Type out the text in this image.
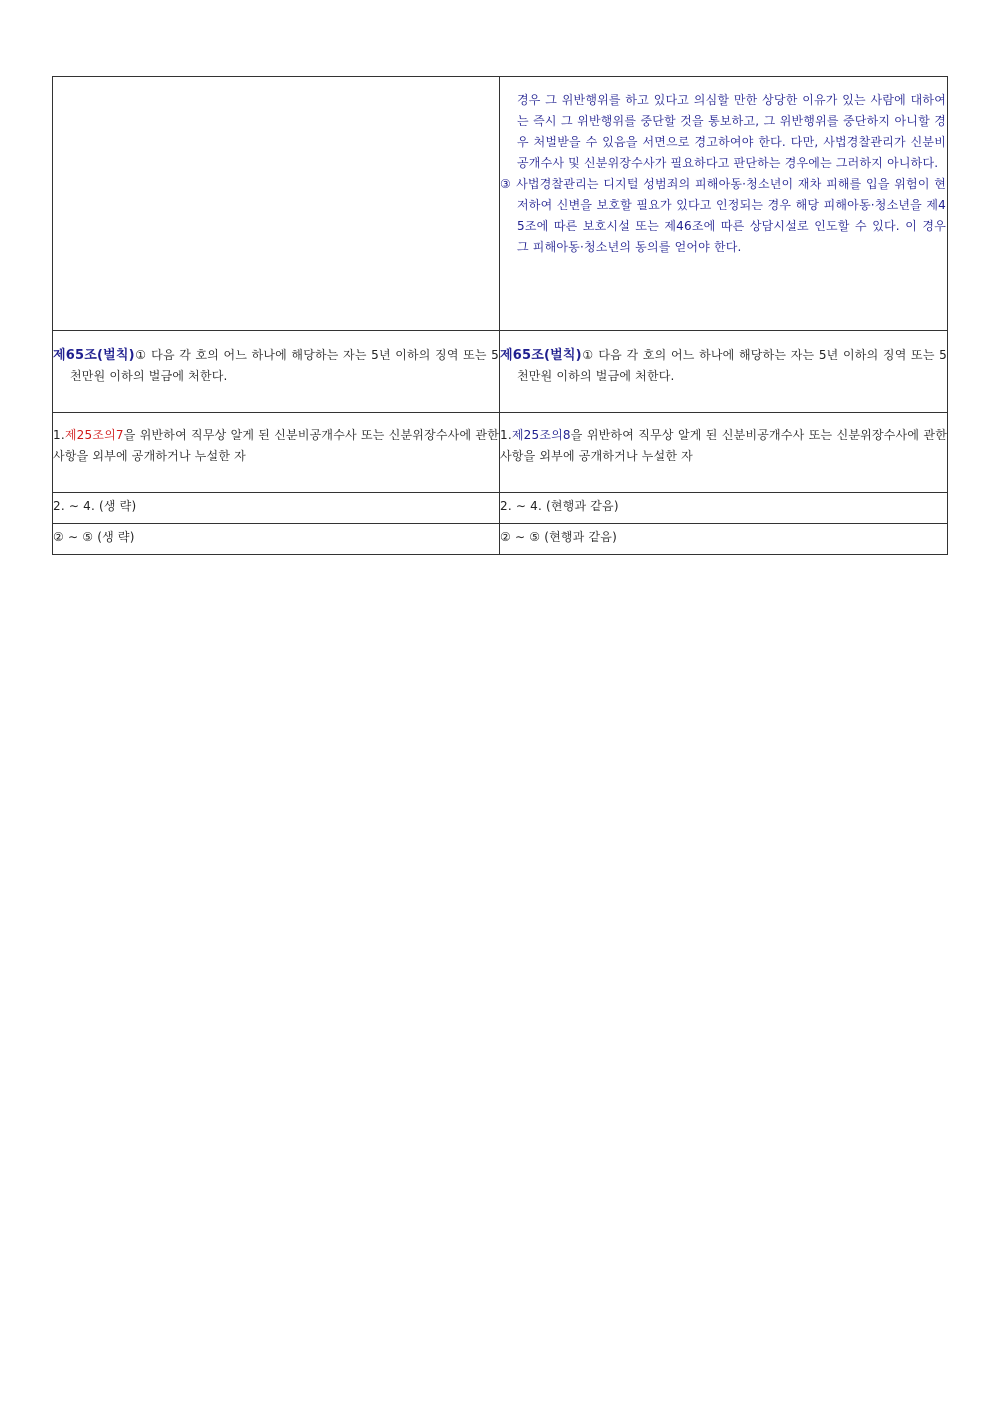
	경우 그 위반행위를 하고 있다고 의심할 만한 상당한 이유가 있는 사람에 대하여는 즉시 그 위반행위를 중단할 것을 통보하고, 그 위반행위를 중단하지 아니할 경우 처벌받을 수 있음을 서면으로 경고하여야 한다. 다만, 사법경찰관리가 신분비공개수사 및 신분위장수사가 필요하다고 판단하는 경우에는 그러하지 아니하다.

③ 사법경찰관리는 디지털 성범죄의 피해아동·청소년이 재차 피해를 입을 위험이 현저하여 신변을 보호할 필요가 있다고 인정되는 경우 해당 피해아동·청소년을 제45조에 따른 보호시설 또는 제46조에 따른 상담시설로 인도할 수 있다. 이 경우 그 피해아동·청소년의 동의를 얻어야 한다.

제65조(벌칙)① 다음 각 호의 어느 하나에 해당하는 자는 5년 이하의 징역 또는 5천만원 이하의 벌금에 처한다.	제65조(벌칙)① 다음 각 호의 어느 하나에 해당하는 자는 5년 이하의 징역 또는 5천만원 이하의 벌금에 처한다.

1.제25조의7을 위반하여 직무상 알게 된 신분비공개수사 또는 신분위장수사에 관한 사항을 외부에 공개하거나 누설한 자	1.제25조의8을 위반하여 직무상 알게 된 신분비공개수사 또는 신분위장수사에 관한 사항을 외부에 공개하거나 누설한 자

2. ∼ 4. (생 략)	2. ∼ 4. (현행과 같음)
② ∼ ⑤ (생 략)	② ∼ ⑤ (현행과 같음)
